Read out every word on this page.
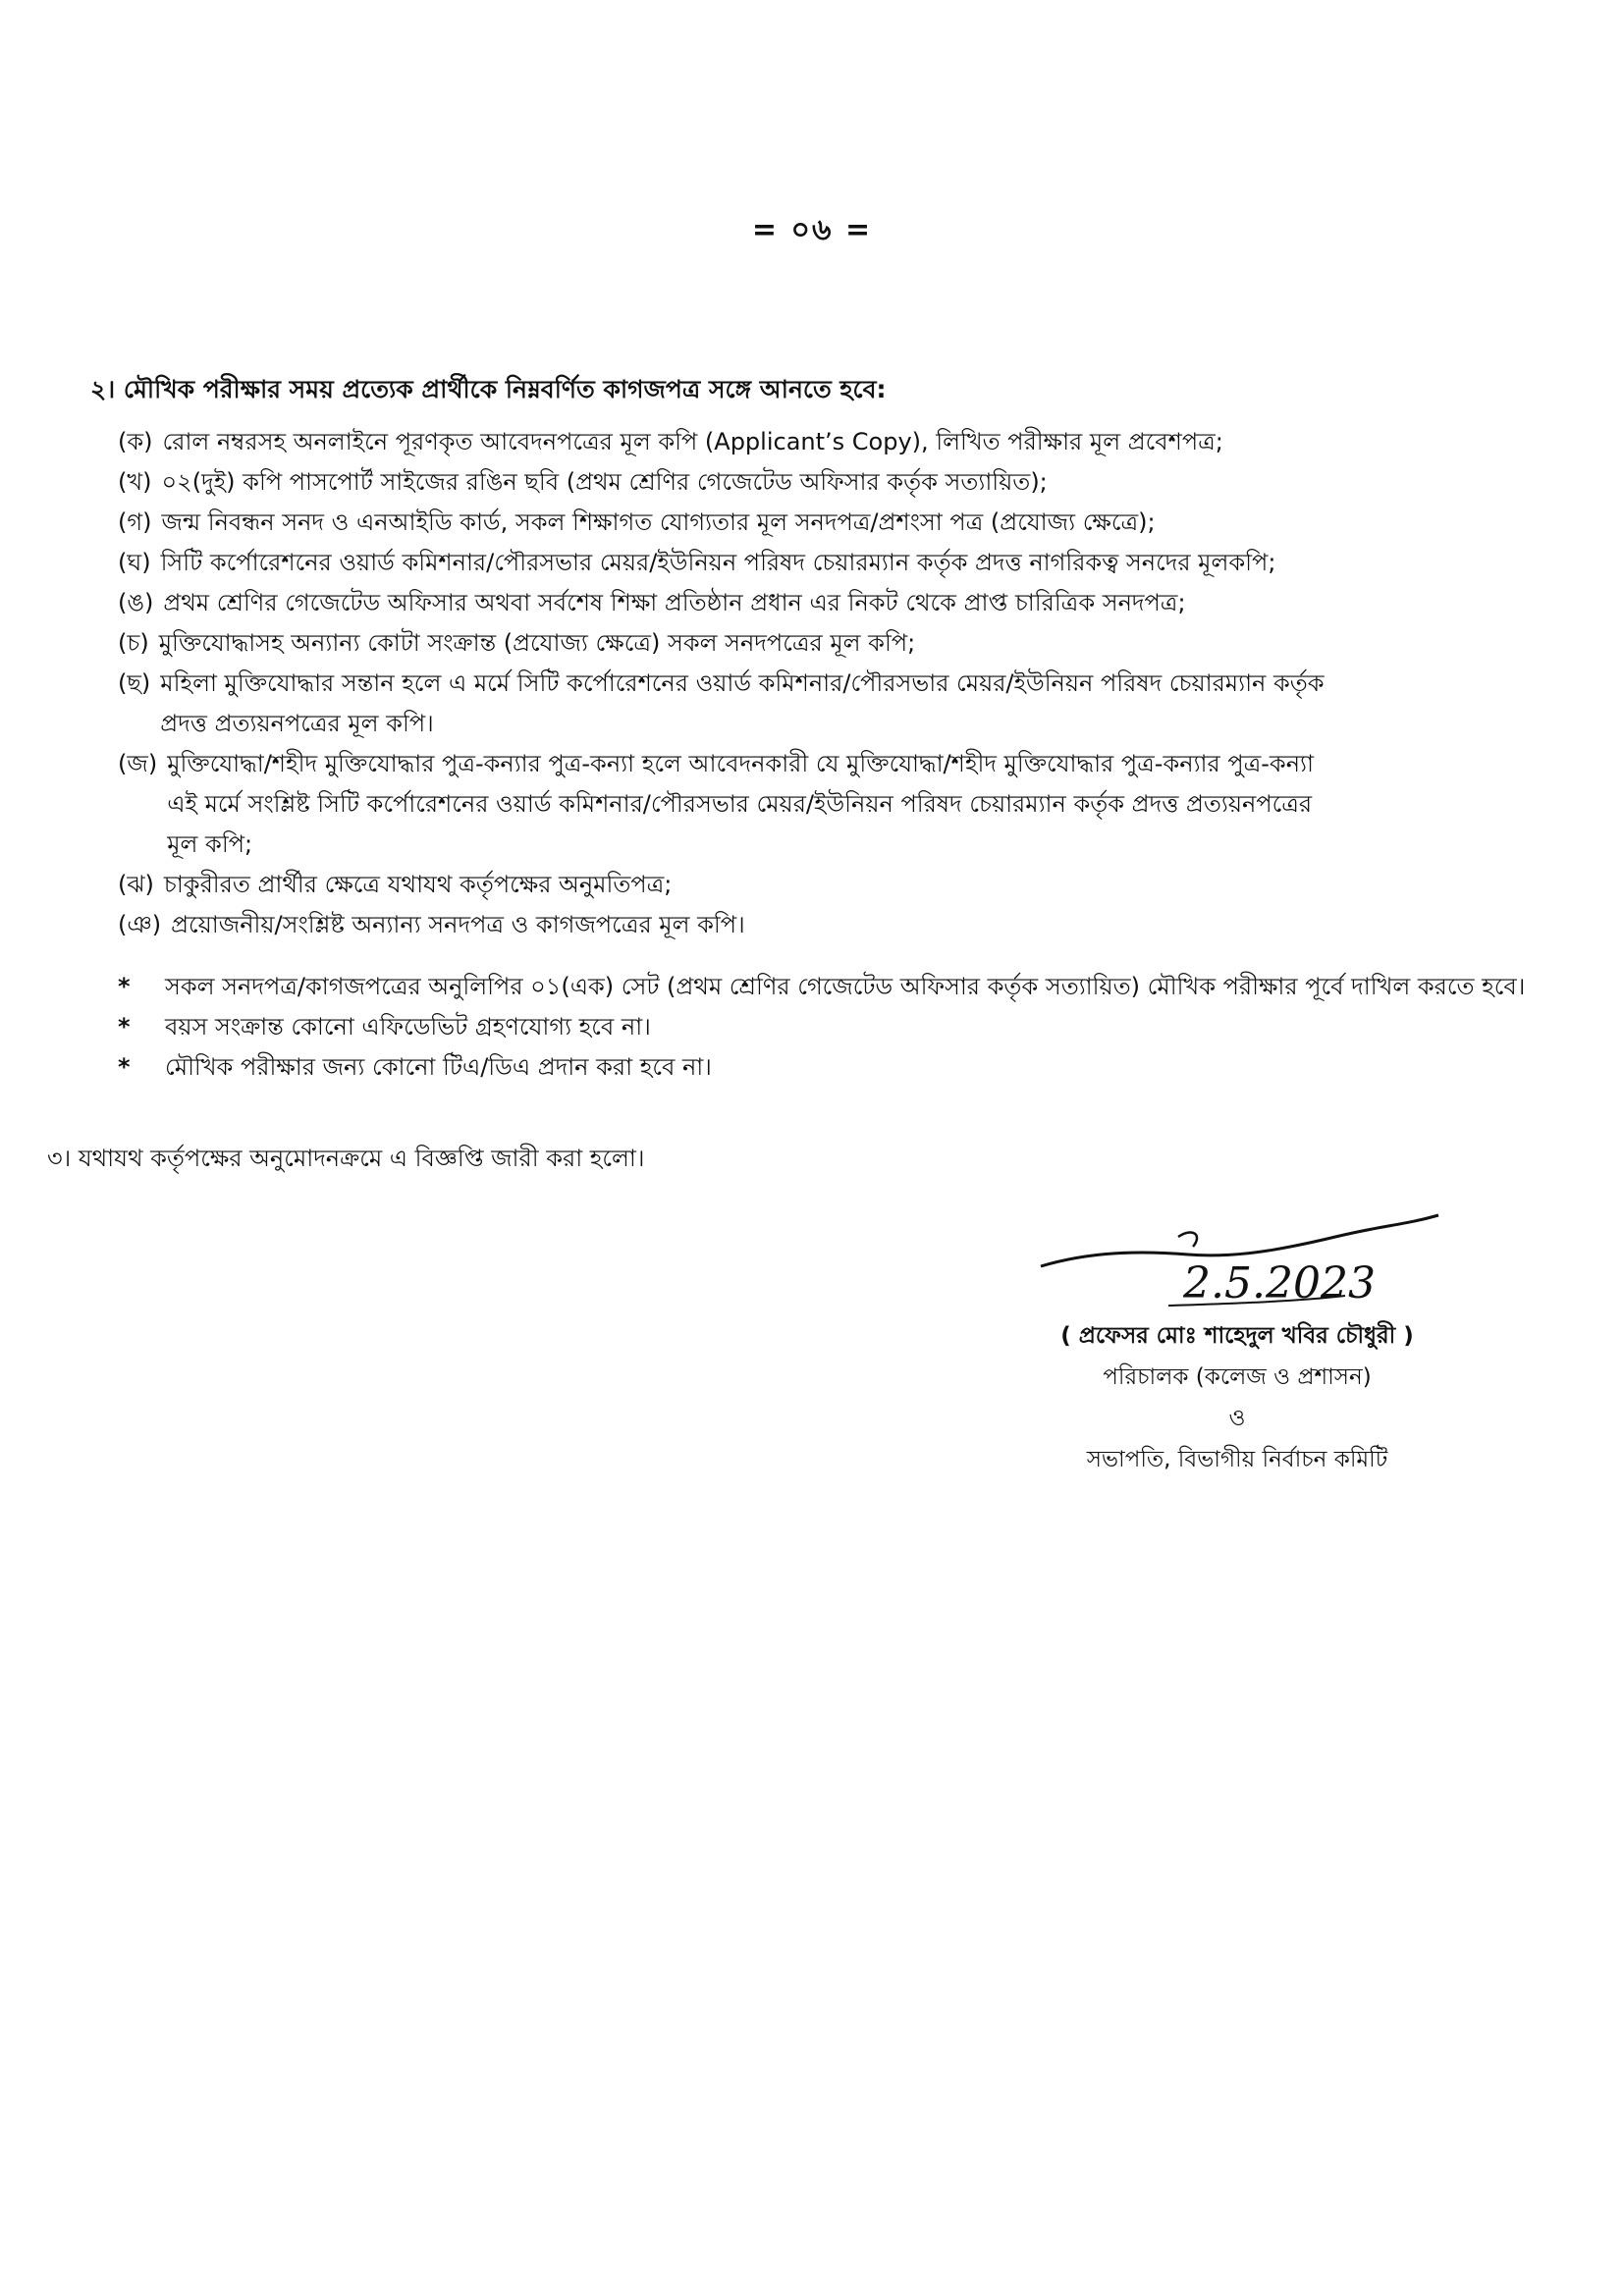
= ০৬ =
২। মৌখিক পরীক্ষার সময় প্রত্যেক প্রার্থীকে নিম্নবর্ণিত কাগজপত্র সঙ্গে আনতে হবে:
(ক) রোল নম্বরসহ অনলাইনে পূরণকৃত আবেদনপত্রের মূল কপি (Applicant’s Copy), লিখিত পরীক্ষার মূল প্রবেশপত্র;
(খ) ০২(দুই) কপি পাসপোর্ট সাইজের রঙিন ছবি (প্রথম শ্রেণির গেজেটেড অফিসার কর্তৃক সত্যায়িত);
(গ) জন্ম নিবন্ধন সনদ ও এনআইডি কার্ড, সকল শিক্ষাগত যোগ্যতার মূল সনদপত্র/প্রশংসা পত্র (প্রযোজ্য ক্ষেত্রে);
(ঘ) সিটি কর্পোরেশনের ওয়ার্ড কমিশনার/পৌরসভার মেয়র/ইউনিয়ন পরিষদ চেয়ারম্যান কর্তৃক প্রদত্ত নাগরিকত্ব সনদের মূলকপি;
(ঙ) প্রথম শ্রেণির গেজেটেড অফিসার অথবা সর্বশেষ শিক্ষা প্রতিষ্ঠান প্রধান এর নিকট থেকে প্রাপ্ত চারিত্রিক সনদপত্র;
(চ) মুক্তিযোদ্ধাসহ অন্যান্য কোটা সংক্রান্ত (প্রযোজ্য ক্ষেত্রে) সকল সনদপত্রের মূল কপি;
(ছ) মহিলা মুক্তিযোদ্ধার সন্তান হলে এ মর্মে সিটি কর্পোরেশনের ওয়ার্ড কমিশনার/পৌরসভার মেয়র/ইউনিয়ন পরিষদ চেয়ারম্যান কর্তৃক
প্রদত্ত প্রত্যয়নপত্রের মূল কপি।
(জ) মুক্তিযোদ্ধা/শহীদ মুক্তিযোদ্ধার পুত্র-কন্যার পুত্র-কন্যা হলে আবেদনকারী যে মুক্তিযোদ্ধা/শহীদ মুক্তিযোদ্ধার পুত্র-কন্যার পুত্র-কন্যা
এই মর্মে সংশ্লিষ্ট সিটি কর্পোরেশনের ওয়ার্ড কমিশনার/পৌরসভার মেয়র/ইউনিয়ন পরিষদ চেয়ারম্যান কর্তৃক প্রদত্ত প্রত্যয়নপত্রের
মূল কপি;
(ঝ) চাকুরীরত প্রার্থীর ক্ষেত্রে যথাযথ কর্তৃপক্ষের অনুমতিপত্র;
(ঞ) প্রয়োজনীয়/সংশ্লিষ্ট অন্যান্য সনদপত্র ও কাগজপত্রের মূল কপি।
*	সকল সনদপত্র/কাগজপত্রের অনুলিপির ০১(এক) সেট (প্রথম শ্রেণির গেজেটেড অফিসার কর্তৃক সত্যায়িত) মৌখিক পরীক্ষার পূর্বে দাখিল করতে হবে।
*	বয়স সংক্রান্ত কোনো এফিডেভিট গ্রহণযোগ্য হবে না।
*	মৌখিক পরীক্ষার জন্য কোনো টিএ/ডিএ প্রদান করা হবে না।
৩। যথাযথ কর্তৃপক্ষের অনুমোদনক্রমে এ বিজ্ঞপ্তি জারী করা হলো।
2.5.2023
( প্রফেসর মোঃ শাহেদুল খবির চৌধুরী )
পরিচালক (কলেজ ও প্রশাসন)
ও
সভাপতি, বিভাগীয় নির্বাচন কমিটি
